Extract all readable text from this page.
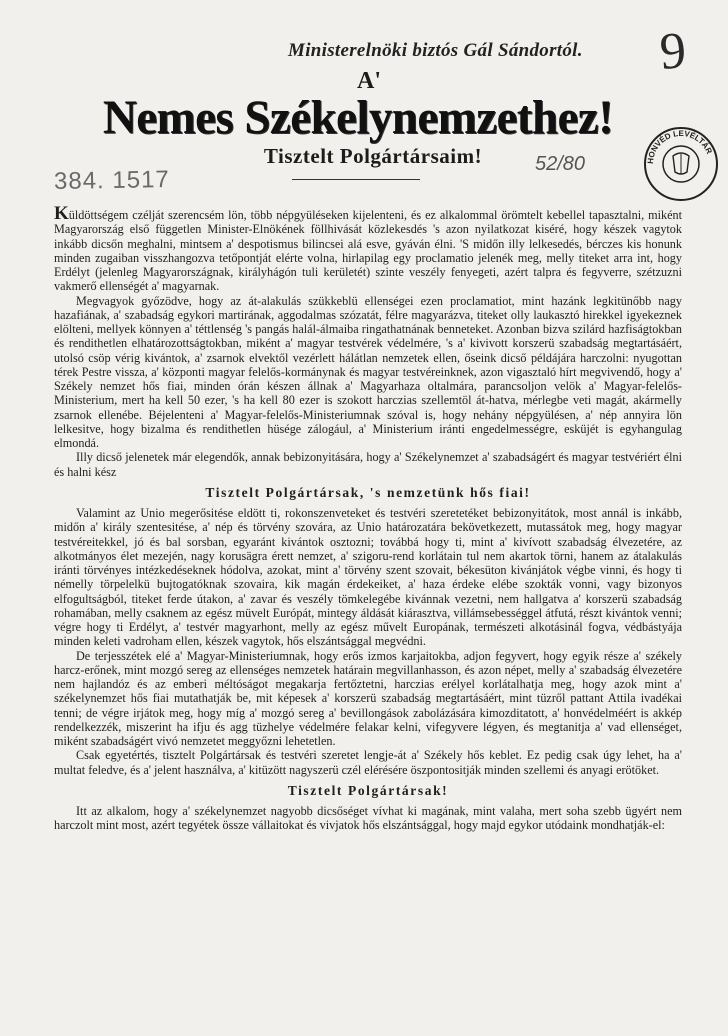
Ministerelnöki biztós Gál Sándortól. 9
A'
Nemes Székelynemzethez!
Tisztelt Polgártársaim!
384. 1517
52/80	HONVÉD LEVÉLTÁR

Küldöttségem czélját szerencsém lön, több népgyüléseken kijelenteni, és ez alkalommal örömtelt kebellel tapasztalni, miként Magyarország első független Minister-Elnökének föllhivását közlekesdés 's azon nyilatkozat kiséré, hogy készek vagytok inkább dicsőn meghalni, mintsem a' despotismus bilincsei alá esve, gyáván élni. 'S midőn illy lelkesedés, bérczes kis honunk minden zugaiban visszhangozva tetőpontját elérte volna, hirlapilag egy proclamatio jelenék meg, melly titeket arra int, hogy Erdélyt (jelenleg Magyarországnak, királyhágón tuli kerületét) szinte veszély fenyegeti, azért talpra és fegyverre, szétzuzni vakmerő ellenségét a' magyarnak.

Megvagyok győzödve, hogy az át-alakulás szükkeblü ellenségei ezen proclamatiot, mint hazánk legkitünőbb nagy hazafiának, a' szabadság egykori martirának, aggodalmas szózatát, félre magyarázva, titeket olly laukasztó hirekkel igyekeznek elölteni, mellyek könnyen a' téttlenség 's pangás halál-álmaiba ringathatnának benneteket. Azonban bizva szilárd hazfiságtokban és rendithetlen elhatározottságtokban, miként a' magyar testvérek védelmére, 's a' kivivott korszerü szabadság megtartásáért, utolsó csöp vérig kivántok, a' zsarnok elvektől vezérlett hálátlan nemzetek ellen, őseink dicső példájára harczolni: nyugottan térek Pestre vissza, a' központi magyar felelős-kormánynak és magyar testvéreinknek, azon vigasztaló hírt megvivendő, hogy a' Székely nemzet hős fiai, minden órán készen állnak a' Magyarhaza oltalmára, parancsoljon velök a' Magyar-felelős-Ministerium, mert ha kell 50 ezer, 's ha kell 80 ezer is szokott harczias szellemtöl át-hatva, mérlegbe veti magát, akármelly zsarnok ellenébe. Béjelenteni a' Magyar-felelős-Ministeriumnak szóval is, hogy nehány népgyülésen, a' nép annyira lön lelkesitve, hogy bizalma és rendithetlen hüsége zálogául, a' Ministerium iránti engedelmességre, esküjét is egyhangulag elmondá.

Illy dicső jelenetek már elegendők, annak bebizonyitására, hogy a' Székelynemzet a' szabadságért és magyar testvériért élni és halni kész

Tisztelt Polgártársak, 's nemzetünk hős fiai!

Valamint az Unio megerősitése eldött ti, rokonszenveteket és testvéri szeretetéket bebizonyitátok, most annál is inkább, midőn a' király szentesitése, a' nép és törvény szovára, az Unio határozatára bekövetkezett, mutassátok meg, hogy magyar testvéreitekkel, jó és bal sorsban, egyaránt kivántok osztozni; továbbá hogy ti, mint a' kivívott szabadság élvezetére, az alkotmányos élet mezején, nagy korusägra érett nemzet, a' szigoru-rend korlátain tul nem akartok törni, hanem az átalakulás iránti törvényes intézkedéseknek hódolva, azokat, mint a' törvény szent szovait, békesüton kivánjátok végbe vinni, és hogy ti némelly törpelelkü bujtogatóknak szovaira, kik magán érdekeiket, a' haza érdeke elébe szokták vonni, vagy bizonyos elfogultságból, titeket ferde útakon, a' zavar és veszély tömkelegébe kivánnak vezetni, nem hallgatva a' korszerü szabadság rohamában, melly csaknem az egész müvelt Európát, mintegy áldását kiárasztva, villámsebességgel átfutá, részt kivántok venni; végre hogy ti Erdélyt, a' testvér magyarhont, melly az egész művelt Europának, természeti alkotásinál fogva, védbástyája minden keleti vadroham ellen, készek vagytok, hős elszántsággal megvédni.

De terjesszétek elé a' Magyar-Ministeriumnak, hogy erős izmos karjaitokba, adjon fegyvert, hogy egyik része a' székely harcz-erőnek, mint mozgó sereg az ellenséges nemzetek határain megvillanhasson, és azon népet, melly a' szabadság élvezetére nem hajlandóz és az emberi méltóságot megakarja fertőztetni, harczias erélyel korlátalhatja meg, hogy azok mint a' székelynemzet hős fiai mutathatják be, mit képesek a' korszerü szabadság megtartásáért, mint tüzről pattant Attila ivadékai tenni; de végre irjátok meg, hogy míg a' mozgó sereg a' bevillongások zabolázására kimozditatott, a' honvédelméért is akkép rendelkezzék, miszerint ha ifju és agg tüzhelye védelmére felakar kelni, vifegyvere légyen, és megtanitja a' vad ellenséget, miként szabadságért vivó nemzetet meggyőzni lehetetlen.

Csak egyetértés, tisztelt Polgártársak és testvéri szeretet lengje-át a' Székely hős keblet. Ez pedig csak úgy lehet, ha a' multat feledve, és a' jelent használva, a' kitüzött nagyszerü czél elérésére öszpontositják minden szellemi és anyagi erötöket.

Tisztelt Polgártársak!

Itt az alkalom, hogy a' székelynemzet nagyobb dicsőséget vívhat ki magának, mint valaha, mert soha szebb ügyért nem harczolt mint most, azért tegyétek össze vállaitokat és vivjatok hős elszántsággal, hogy majd egykor utódaink mondhatják-el:
